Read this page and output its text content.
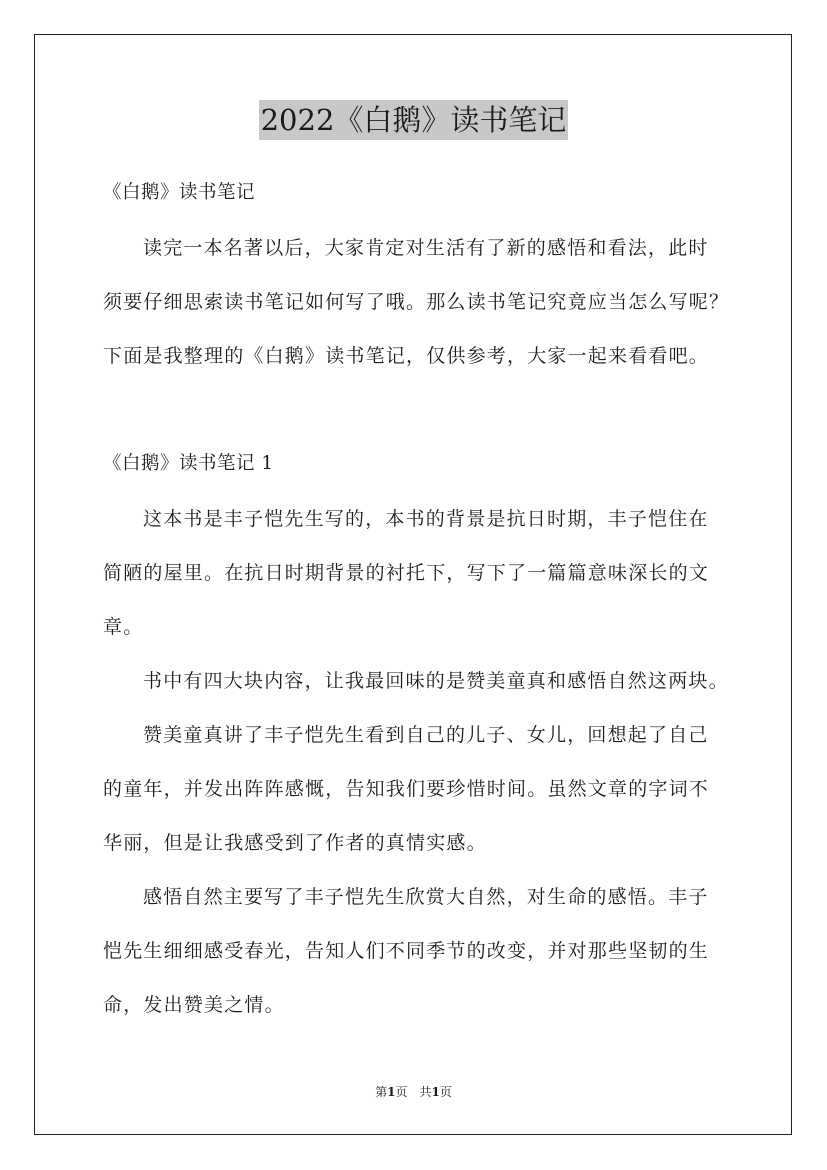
2022《白鹅》读书笔记
《白鹅》读书笔记
读完一本名著以后，大家肯定对生活有了新的感悟和看法，此时
须要仔细思索读书笔记如何写了哦。那么读书笔记究竟应当怎么写呢？
下面是我整理的《白鹅》读书笔记，仅供参考，大家一起来看看吧。
《白鹅》读书笔记 1
这本书是丰子恺先生写的，本书的背景是抗日时期，丰子恺住在
简陋的屋里。在抗日时期背景的衬托下，写下了一篇篇意味深长的文
章。
书中有四大块内容，让我最回味的是赞美童真和感悟自然这两块。
赞美童真讲了丰子恺先生看到自己的儿子、女儿，回想起了自己
的童年，并发出阵阵感慨，告知我们要珍惜时间。虽然文章的字词不
华丽，但是让我感受到了作者的真情实感。
感悟自然主要写了丰子恺先生欣赏大自然，对生命的感悟。丰子
恺先生细细感受春光，告知人们不同季节的改变，并对那些坚韧的生
命，发出赞美之情。
第1页　共1页
